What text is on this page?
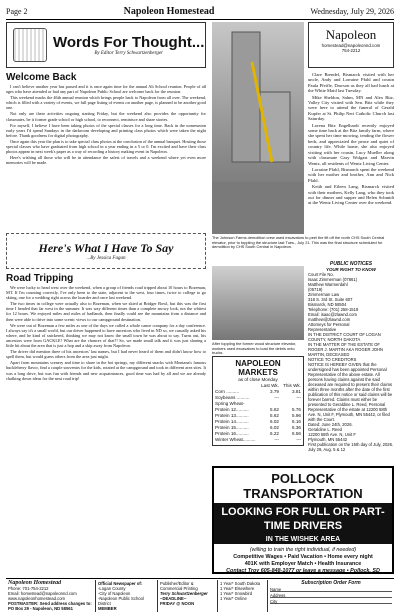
Page 2	Napoleon Homestead	Wednesday, July 29, 2026
Words For Thought...
By Editor Terry Schwartzenberger
Welcome Back

I can't believe another year has passed and it is once again time for the annual Ali School reunion. People of all ages who have attended or had any part of Napoleon Public School are welcome back for the reunion.

This weekend marks the 46th annual reunion which brings people back to Napoleon from all over. The weekend, which is filled with a variety of events, we full page listing of events on another page, is planned to be another good one.

Not only are there activities ongoing starting Friday, but the weekend also provides the opportunity for classmates, be it former grade school or high school, to reconnect, reminisce and share stories.

For myself, I believe I have been taking photos of the special classes for a long time. Back in the nonreunion early years I'd spend Sundays in the darkroom developing and printing class photos which were taken the night before. Thank goodness for digital photography.

Once again this year the plan is to take special class photos at the conclusion of the annual banquet. Hosting those special classes who have graduated from high school in a year ending in a 5 or 0. I'm excited and have their class photos appear in next week's paper as a way of recording a history making event in Napoleon.

Here's wishing all those who will be in attendance the safest of travels and a weekend where yet even more memories will be made.

Here's What I Have To Say
...By Jessica Fagan
Road Tripping

We were lucky to head west over the weekend, when a group of friends road tripped about 10 hours to Bozeman, MT. If I'm counting correctly, I've only been to the state, adjacent to the west, four times, twice to college to go skiing, one for a wedding right across the boarder and once last weekend.

The two times in college were actually also to Bozeman, when we skied at Bridger Bowl, but this was the first time I headed that far west in the summer. It was way different times than a complete snowy look, not the whitest for 12 hours. We enjoyed miles and miles of badlands, then finally could see the mountains from a distance and then were able to drive into some scenic views to our campground destination.

We were out of Bozeman a few miles as one of the days we called a whole canoe company for a day conference. I always say it's a small world, but our driver happened to have ancestors who lived in ND so, we casually asked his where, and he kind of snickered, thinking we may not know the small town he was about to say. Turns out, his ancestors were from GACKLE! What are the chances of that?! So, we made small talk and it was just sharing a little bit about the area that is just a hop and a skip away from Napoleon.

The driver did mention three of his ancestors' last names, but I had never heard of them and didn't know how to spell them, but would guess others from the area just might.

Apart from mountains scenery and time to share in the hot springs, my different snacks with Montana's famous huckleberry flavor, find a couple souvenirs for the kids, rotated at the campground and took in different area sites. It was a long drive, but was fun with friends and new acquaintances, good time was had by all and we are already chalking down ideas for the next road trip!

The Johnson Farms demolition crew used excavators to peel the lift off the north CHS South Central elevator, prior to toppling the structure last Tues., July 21. This was the final structure scheduled for demolition by CHS South Central in Napoleon.
After toppling the former wood structure elevator, workers used excavators to load the debris onto trucks.
Napoleon
homestead@napoleonnd.com
754-2212

Clare Brendel, Bismarck visited with her uncle, Andy and Lorraine Pfahl and cousin Paula Pfeifle, Dawson as they all had lunch at the White Maid last Tuesday.

Mike Sheldon, Sahm, MN and Alex Bitz, Valley City visited with Sen. Bitz while they were here to attend the funeral of Gerald Kupfer at St. Philip Neri Catholic Church last Saturday.

Lorena Bitz Engelhardt recently enjoyed some time back at the Bitz family farm, where she spent her time mowing, tending the flower beds, and appreciated the peace and quiet of country life. While home, she also enjoyed visiting with her cousin, Lucy Mueller along with classmate Gary Wolgast and Marvin Wentz, all residents of Wentz Living Center.

Lorraine Pfahl, Bismarck spent the weekend with her mother and brother, Ann and Nick Pfahl.

Keith and Eileen Lang, Bismarck visited with their mothers, Kelly Lang, who they took out for dinner and supper and Helen Schmidt at the Wentz Living Center over the weekend.

NAPOLEON MARKETS
as of close Monday
Last Wk. This Wk.
Corn ..........	3.79	3.81
Soybeans ..........	---	---
Spring Wheat-
Protein 12..........	5.62	5.76
Protein 13..........	5.62	5.96
Protein 14..........	6.02	6.16
Protein 15..........	6.02	6.36
Protein 16..........	6.22	6.56
Winter Wheat..........	---	---
PUBLIC NOTICES
YOUR RIGHT TO KNOW
Court File No.
Isaac Zimmerman (07861)
Matthew Warmerdahl
(05719)
Zimmerman Law
318 S. 3rd St. Suite 607
Bismarck, ND 58504
Telephone: (701) 258-1518
Email: isaac@zlawnd.com
matthew@zlawnd.com
Attorneys for Personal
Representative
IN THE DISTRICT COURT OF LOGAN COUNTY, NORTH DAKOTA
IN THE MATTER OF THE ESTATE OF ROGER J. MARTIN AKA ROGER JOHN MARTIN, DECEASED
NOTICE TO CREDITORS
NOTICE IS HEREBY GIVEN that the undersigned has been appointed Personal Representative of the above estate. All persons having claims against the said deceased are required to present their claims within three months after the date of the first publication of this notice or said claims will be forever barred. Claims must either be presented to Geraldine L. Reed, Personal Representative of the estate at 12200 58th Ave. N, Unit F, Plymouth, MN 55442, or filed with the Court.
Dated: June 24th, 2026.
Geraldine L. Reed
12200 58th Ave. N, Unit F
Plymouth, MN 55442
First publication on the 15th day of July, 2026.
July 29, Aug. 5 & 12
POLLOCK TRANSPORTATION
LOOKING FOR FULL OR PART-TIME DRIVERS
IN THE WISHEK AREA
(willing to train the right individual, if needed)
Competitive Wages • Paid Vacation • Home every night
401K with Employer Match • Health Insurance
Contact Troy 605-848-1077 or leave a message • Pollock, SD
Napoleon Homestead
Phone: 701-754-2212
Email: homestead@napoleonnd.com
www.napoleonhomestead.com
POSTMASTER: Send address changes to: PO Box 29 - Napoleon, ND 58561
Official Newspaper of:
-Logan County
-City of Napoleon
-Napoleon Public School District
MEMBER
Publisher/Editor & Commercial Printing
Terry Schwartzenberger
~DEADLINE~
FRIDAY @ NOON
1 Year* South Dakota
1 Year* Elsewhere
1 Year* Snowbird
1 Year* Online
Subscription Order Form
Name
Address
City
